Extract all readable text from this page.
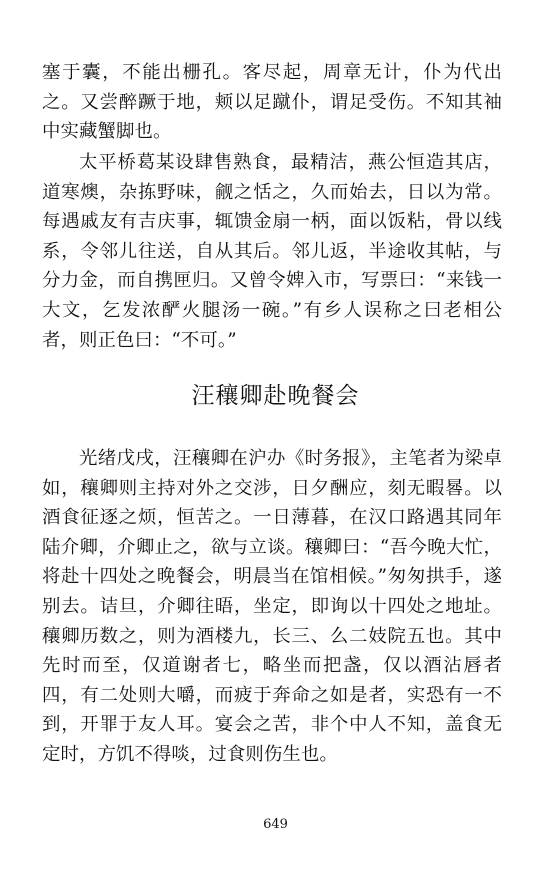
塞于囊，不能出栅孔。客尽起，周章无计，仆为代出之。又尝醉蹶于地，颊以足蹴仆，谓足受伤。不知其袖中实藏蟹脚也。

太平桥葛某设肆售熟食，最精洁，燕公恒造其店，道寒燠，杂拣野味，觎之恬之，久而始去，日以为常。每遇戚友有吉庆事，辄馈金扇一柄，面以饭粘，骨以线系，令邻儿往送，自从其后。邻儿返，半途收其帖，与分力金，而自携匣归。又曾令婢入市，写票曰：“来钱一大文，乞发浓酽火腿汤一碗。”有乡人误称之曰老相公者，则正色曰：“不可。”

汪穰卿赴晚餐会

光绪戊戌，汪穰卿在沪办《时务报》，主笔者为梁卓如，穰卿则主持对外之交涉，日夕酬应，刻无暇晷。以酒食征逐之烦，恒苦之。一日薄暮，在汉口路遇其同年陆介卿，介卿止之，欲与立谈。穰卿曰：“吾今晚大忙，将赴十四处之晚餐会，明晨当在馆相候。”匆匆拱手，遂别去。诘旦，介卿往晤，坐定，即询以十四处之地址。穰卿历数之，则为酒楼九，长三、么二妓院五也。其中先时而至，仅道谢者七，略坐而把盏，仅以酒沾唇者四，有二处则大嚼，而疲于奔命之如是者，实恐有一不到，开罪于友人耳。宴会之苦，非个中人不知，盖食无定时，方饥不得啖，过食则伤生也。

649
